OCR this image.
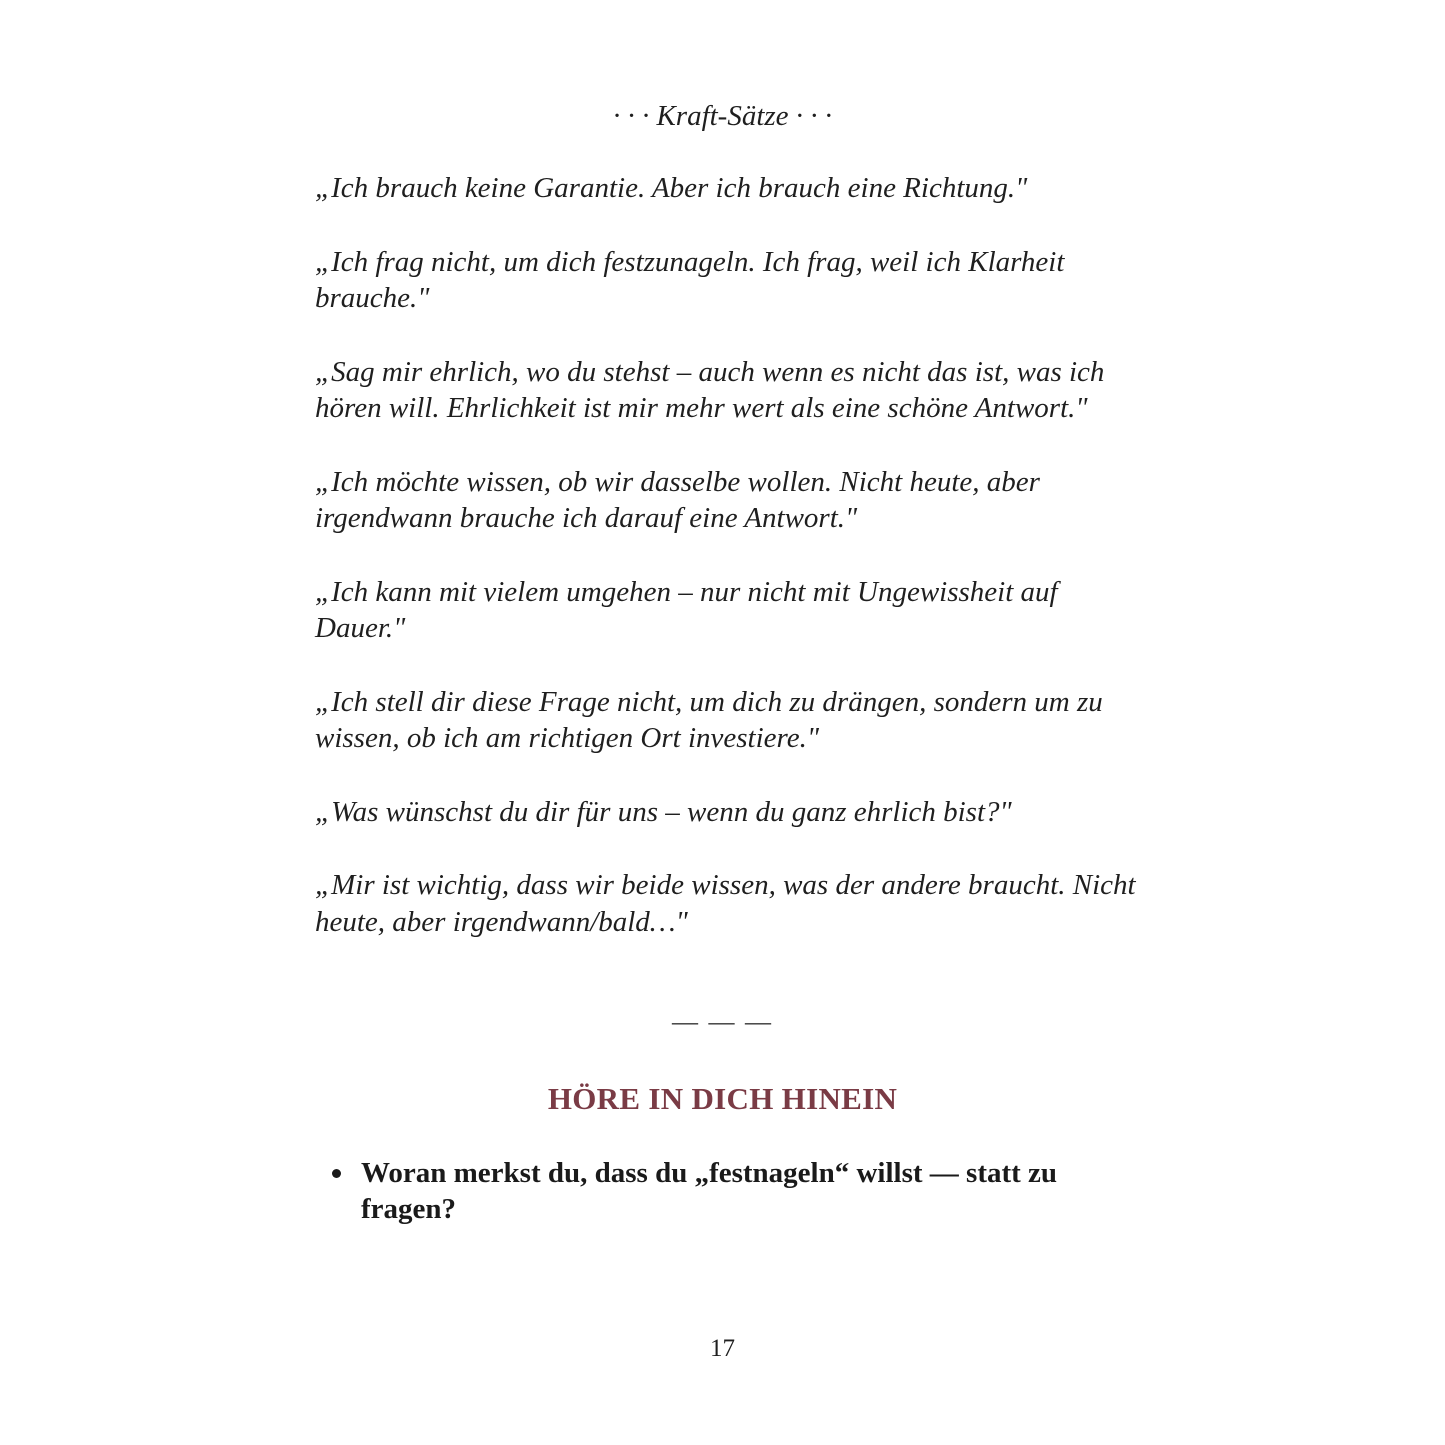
· · · Kraft-Sätze · · ·

„Ich brauch keine Garantie. Aber ich brauch eine Richtung."

„Ich frag nicht, um dich festzunageln. Ich frag, weil ich Klarheit brauche."

„Sag mir ehrlich, wo du stehst – auch wenn es nicht das ist, was ich hören will. Ehrlichkeit ist mir mehr wert als eine schöne Antwort."

„Ich möchte wissen, ob wir dasselbe wollen. Nicht heute, aber irgendwann brauche ich darauf eine Antwort."

„Ich kann mit vielem umgehen – nur nicht mit Ungewissheit auf Dauer."

„Ich stell dir diese Frage nicht, um dich zu drängen, sondern um zu wissen, ob ich am richtigen Ort investiere."

„Was wünschst du dir für uns – wenn du ganz ehrlich bist?"

„Mir ist wichtig, dass wir beide wissen, was der andere braucht. Nicht heute, aber irgendwann/bald…"

— — —
HÖRE IN DICH HINEIN
Woran merkst du, dass du „festnageln“ willst — statt zu fragen?
17
